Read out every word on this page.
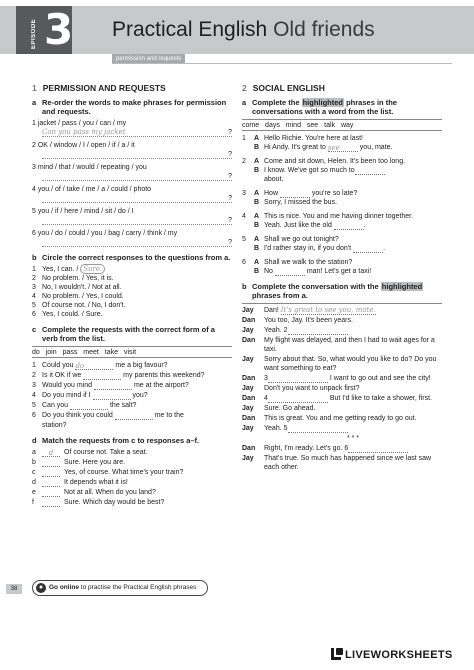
EPISODE 3 Practical English Old friends
permission and requests
1 PERMISSION AND REQUESTS
a Re-order the words to make phrases for permission and requests.
1 jacket / pass / you / can / my
Can you pass my jacket	?
2 OK / window / I / open / if / a / it
?
3 mind / that / would / repeating / you
?
4 you / of / take / me / a / could / photo
?
5 you / if / here / mind / sit / do / I
?
6 you / do / could / you / bag / carry / think / my
?
b Circle the correct responses to the questions from a.
1 Yes, I can. / Sure.
2 No problem. / Yes, it is.
3 No, I wouldn't. / Not at all.
4 No problem. / Yes, I could.
5 Of course not. / No, I don't.
6 Yes, I could. / Sure.
c Complete the requests with the correct form of a verb from the list.
do join pass meet take visit
1 Could you do	me a big favour?
2 Is it OK if we	my parents this weekend?
3 Would you mind	me at the airport?
4 Do you mind if I	you?
5 Can you	the salt?
6 Do you think you could	me to the
station?
d Match the requests from c to responses a–f.
a d Of course not. Take a seat.
b	Sure. Here you are.
c	Yes, of course. What time's your train?
d	It depends what it is!
e	Not at all. When do you land?
f	Sure. Which day would be best?
2 SOCIAL ENGLISH
a Complete the highlighted phrases in the conversations with a word from the list.
come days mind see talk way
1 A Hello Richie. You're here at last!
B Hi Andy. It's great to see	you, mate.
2 A Come and sit down, Helen. It's been too long.
B I know. We've got so much to
about.
3 A How	you're so late?
B Sorry, I missed the bus.
4 A This is nice. You and me having dinner together.
B Yeah. Just like the old	.
5 A Shall we go out tonight?
B I'd rather stay in, if you don't	.
6 A Shall we walk to the station?
B No	man! Let's get a taxi!
b Complete the conversation with the highlighted phrases from a.
Jay Dan! It's great to see you, mate.
Dan You too, Jay. It's been years.
Jay Yeah. 2
Dan My flight was delayed, and then I had to wait ages for a taxi.
Jay Sorry about that. So, what would you like to do? Do you want something to eat?
Dan 3	I want to go out and see the city!
Jay Don't you want to unpack first?
Dan 4	But I'd like to take a shower, first.
Jay Sure. Go ahead.
Dan This is great. You and me getting ready to go out.
Jay Yeah. 5
* * *
Dan Right, I'm ready. Let's go. 6
Jay That's true. So much has happened since we last saw each other.
38	● Go online to practise the Practical English phrases
LIVEWORKSHEETS
